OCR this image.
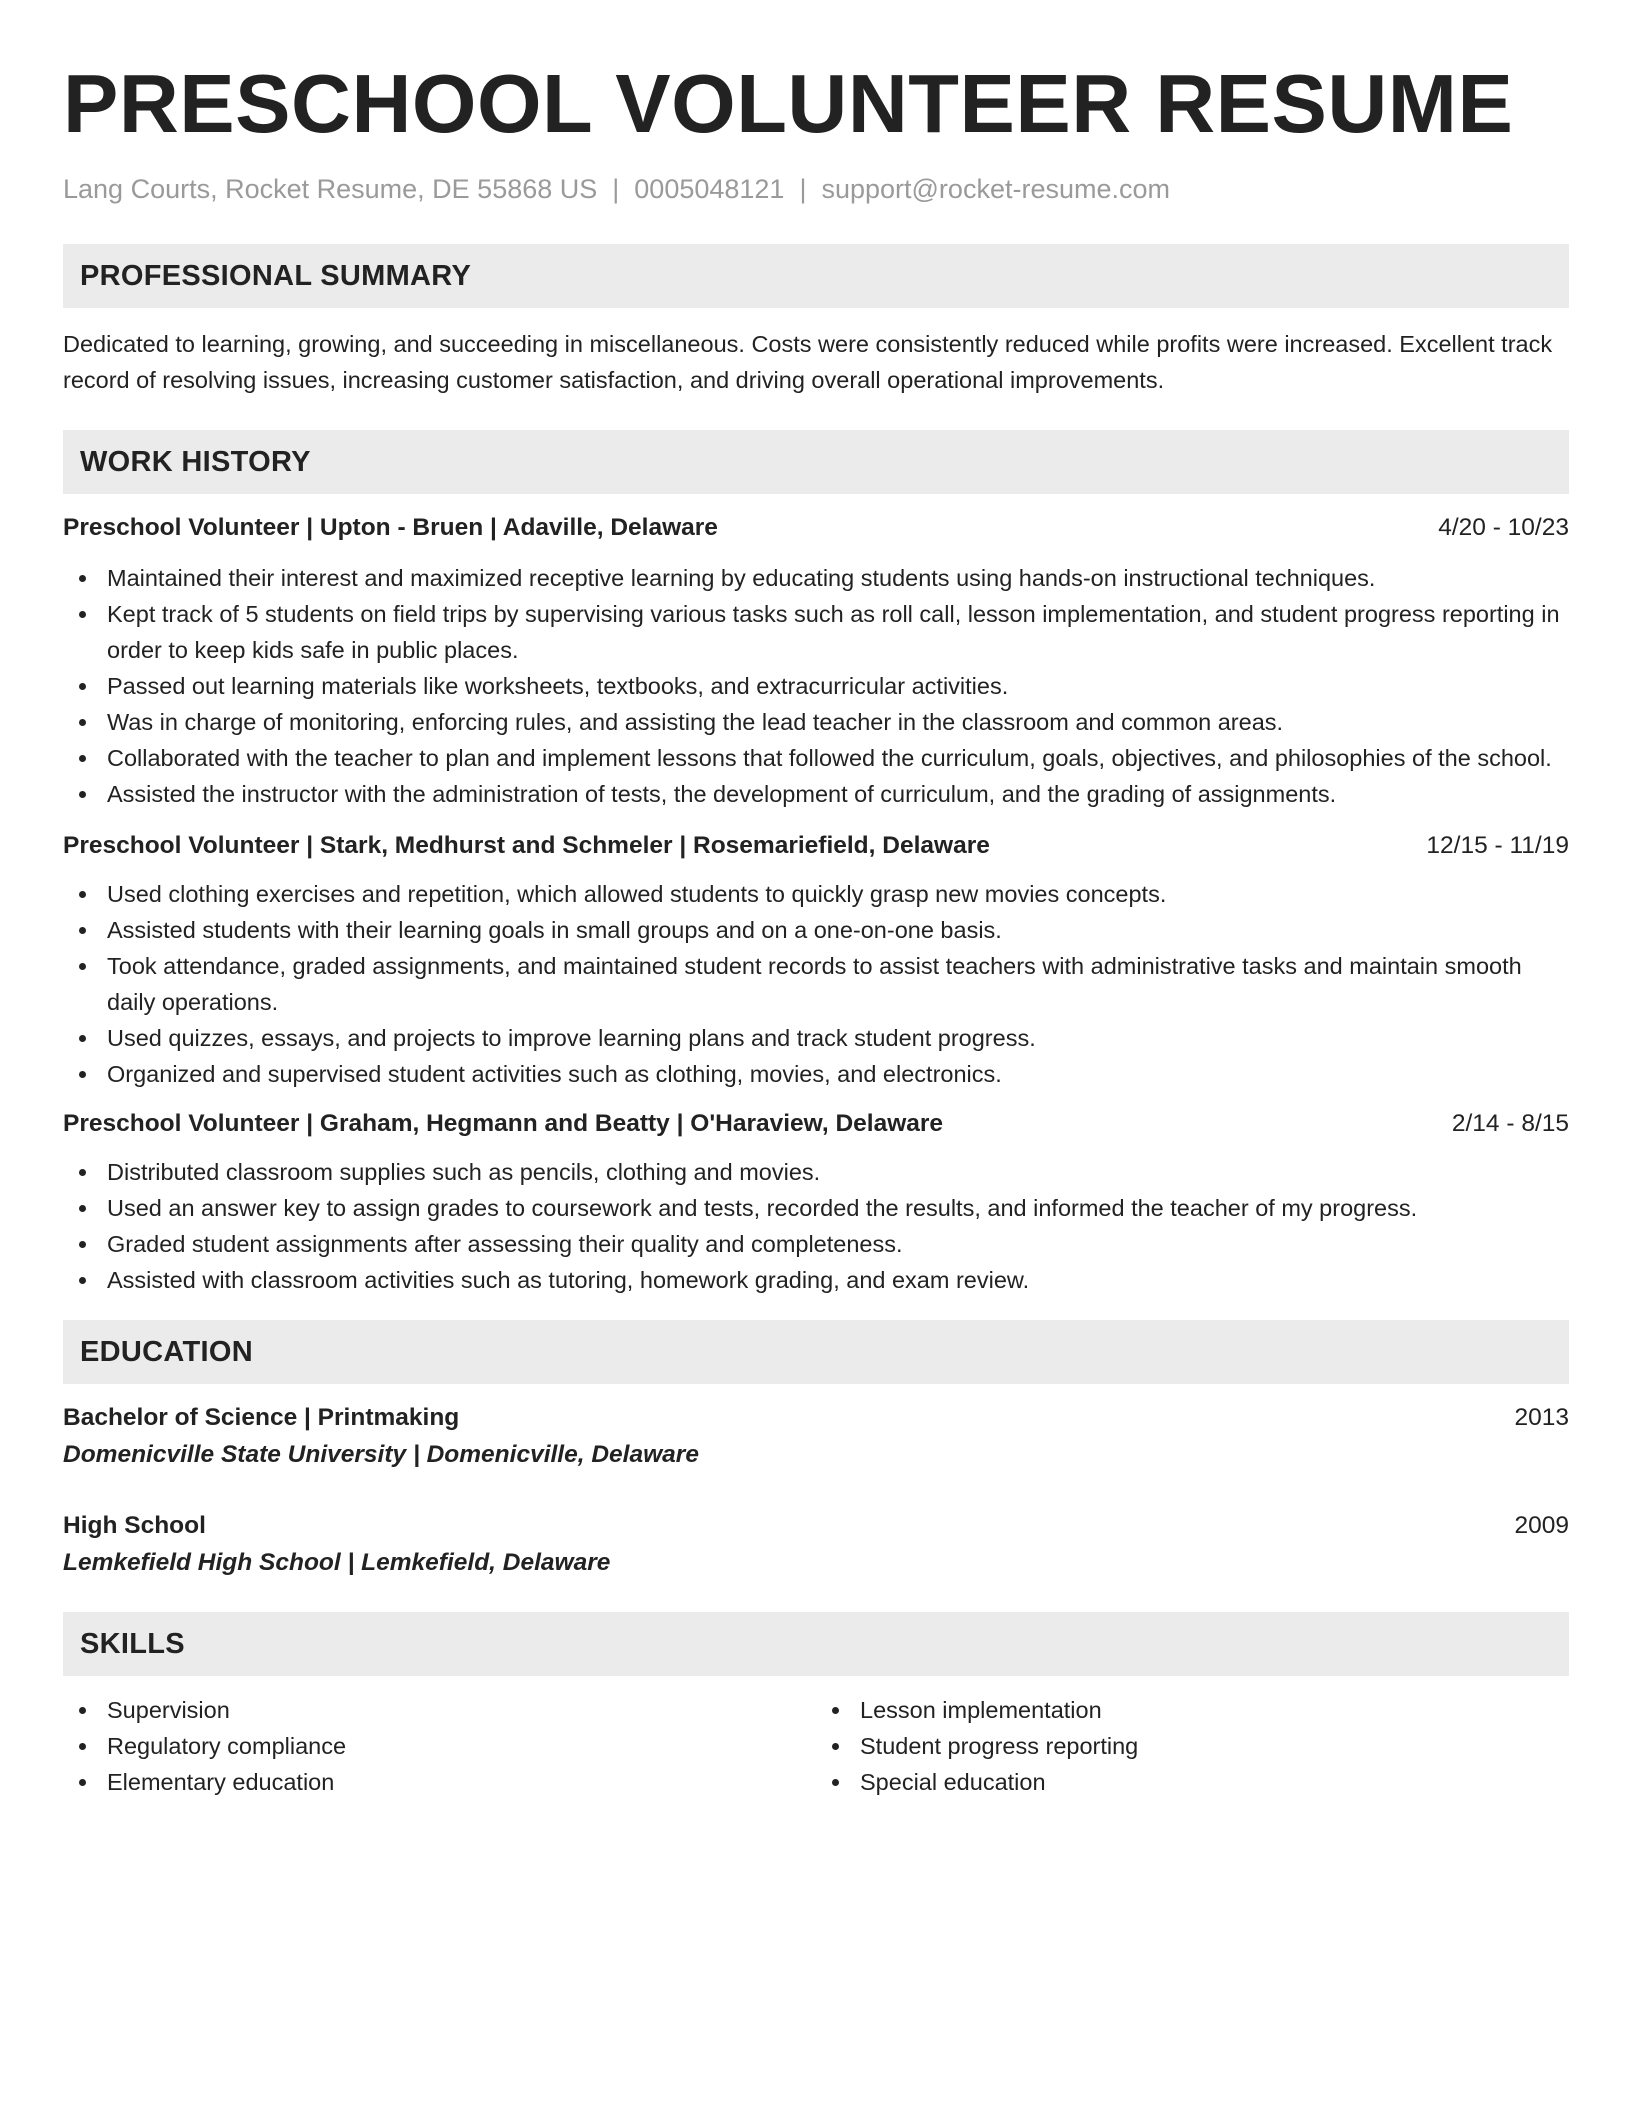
PRESCHOOL VOLUNTEER RESUME
Lang Courts, Rocket Resume, DE 55868 US | 0005048121 | support@rocket-resume.com
PROFESSIONAL SUMMARY

Dedicated to learning, growing, and succeeding in miscellaneous. Costs were consistently reduced while profits were increased. Excellent track record of resolving issues, increasing customer satisfaction, and driving overall operational improvements.

WORK HISTORY
Preschool Volunteer | Upton - Bruen | Adaville, Delaware	4/20 - 10/23
Maintained their interest and maximized receptive learning by educating students using hands-on instructional techniques.
Kept track of 5 students on field trips by supervising various tasks such as roll call, lesson implementation, and student progress reporting in order to keep kids safe in public places.
Passed out learning materials like worksheets, textbooks, and extracurricular activities.
Was in charge of monitoring, enforcing rules, and assisting the lead teacher in the classroom and common areas.
Collaborated with the teacher to plan and implement lessons that followed the curriculum, goals, objectives, and philosophies of the school.
Assisted the instructor with the administration of tests, the development of curriculum, and the grading of assignments.
Preschool Volunteer | Stark, Medhurst and Schmeler | Rosemariefield, Delaware	12/15 - 11/19
Used clothing exercises and repetition, which allowed students to quickly grasp new movies concepts.
Assisted students with their learning goals in small groups and on a one-on-one basis.
Took attendance, graded assignments, and maintained student records to assist teachers with administrative tasks and maintain smooth daily operations.
Used quizzes, essays, and projects to improve learning plans and track student progress.
Organized and supervised student activities such as clothing, movies, and electronics.
Preschool Volunteer | Graham, Hegmann and Beatty | O'Haraview, Delaware	2/14 - 8/15
Distributed classroom supplies such as pencils, clothing and movies.
Used an answer key to assign grades to coursework and tests, recorded the results, and informed the teacher of my progress.
Graded student assignments after assessing their quality and completeness.
Assisted with classroom activities such as tutoring, homework grading, and exam review.
EDUCATION
Bachelor of Science | Printmaking	2013
Domenicville State University | Domenicville, Delaware
High School	2009
Lemkefield High School | Lemkefield, Delaware
SKILLS
Supervision
Regulatory compliance
Elementary education
Lesson implementation
Student progress reporting
Special education
